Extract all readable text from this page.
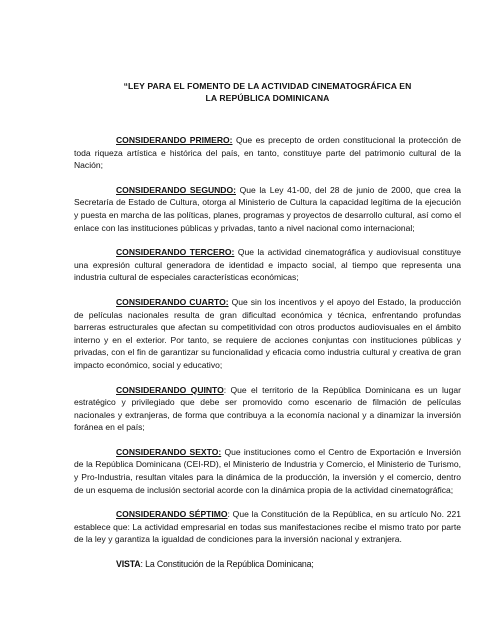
“LEY PARA EL FOMENTO DE LA ACTIVIDAD CINEMATOGRÁFICA EN
LA REPÚBLICA DOMINICANA

CONSIDERANDO PRIMERO: Que es precepto de orden constitucional la protección de toda riqueza artística e histórica del país, en tanto, constituye parte del patrimonio cultural de la Nación;

CONSIDERANDO SEGUNDO: Que la Ley 41-00, del 28 de junio de 2000, que crea la Secretaría de Estado de Cultura, otorga al Ministerio de Cultura la capacidad legítima de la ejecución y puesta en marcha de las políticas, planes, programas y proyectos de desarrollo cultural, así como el enlace con las instituciones públicas y privadas, tanto a nivel nacional como internacional;

CONSIDERANDO TERCERO: Que la actividad cinematográfica y audiovisual constituye una expresión cultural generadora de identidad e impacto social, al tiempo que representa una industria cultural de especiales características económicas;

CONSIDERANDO CUARTO: Que sin los incentivos y el apoyo del Estado, la producción de películas nacionales resulta de gran dificultad económica y técnica, enfrentando profundas barreras estructurales que afectan su competitividad con otros productos audiovisuales en el ámbito interno y en el exterior. Por tanto, se requiere de acciones conjuntas con instituciones públicas y privadas, con el fin de garantizar su funcionalidad y eficacia como industria cultural y creativa de gran impacto económico, social y educativo;

CONSIDERANDO QUINTO: Que el territorio de la República Dominicana es un lugar estratégico y privilegiado que debe ser promovido como escenario de filmación de películas nacionales y extranjeras, de forma que contribuya a la economía nacional y a dinamizar la inversión foránea en el país;

CONSIDERANDO SEXTO: Que instituciones como el Centro de Exportación e Inversión de la República Dominicana (CEI-RD), el Ministerio de Industria y Comercio, el Ministerio de Turismo, y Pro-Industria, resultan vitales para la dinámica de la producción, la inversión y el comercio, dentro de un esquema de inclusión sectorial acorde con la dinámica propia de la actividad cinematográfica;

CONSIDERANDO SÉPTIMO: Que la Constitución de la República, en su artículo No. 221 establece que: La actividad empresarial en todas sus manifestaciones recibe el mismo trato por parte de la ley y garantiza la igualdad de condiciones para la inversión nacional y extranjera.

VISTA: La Constitución de la República Dominicana;
